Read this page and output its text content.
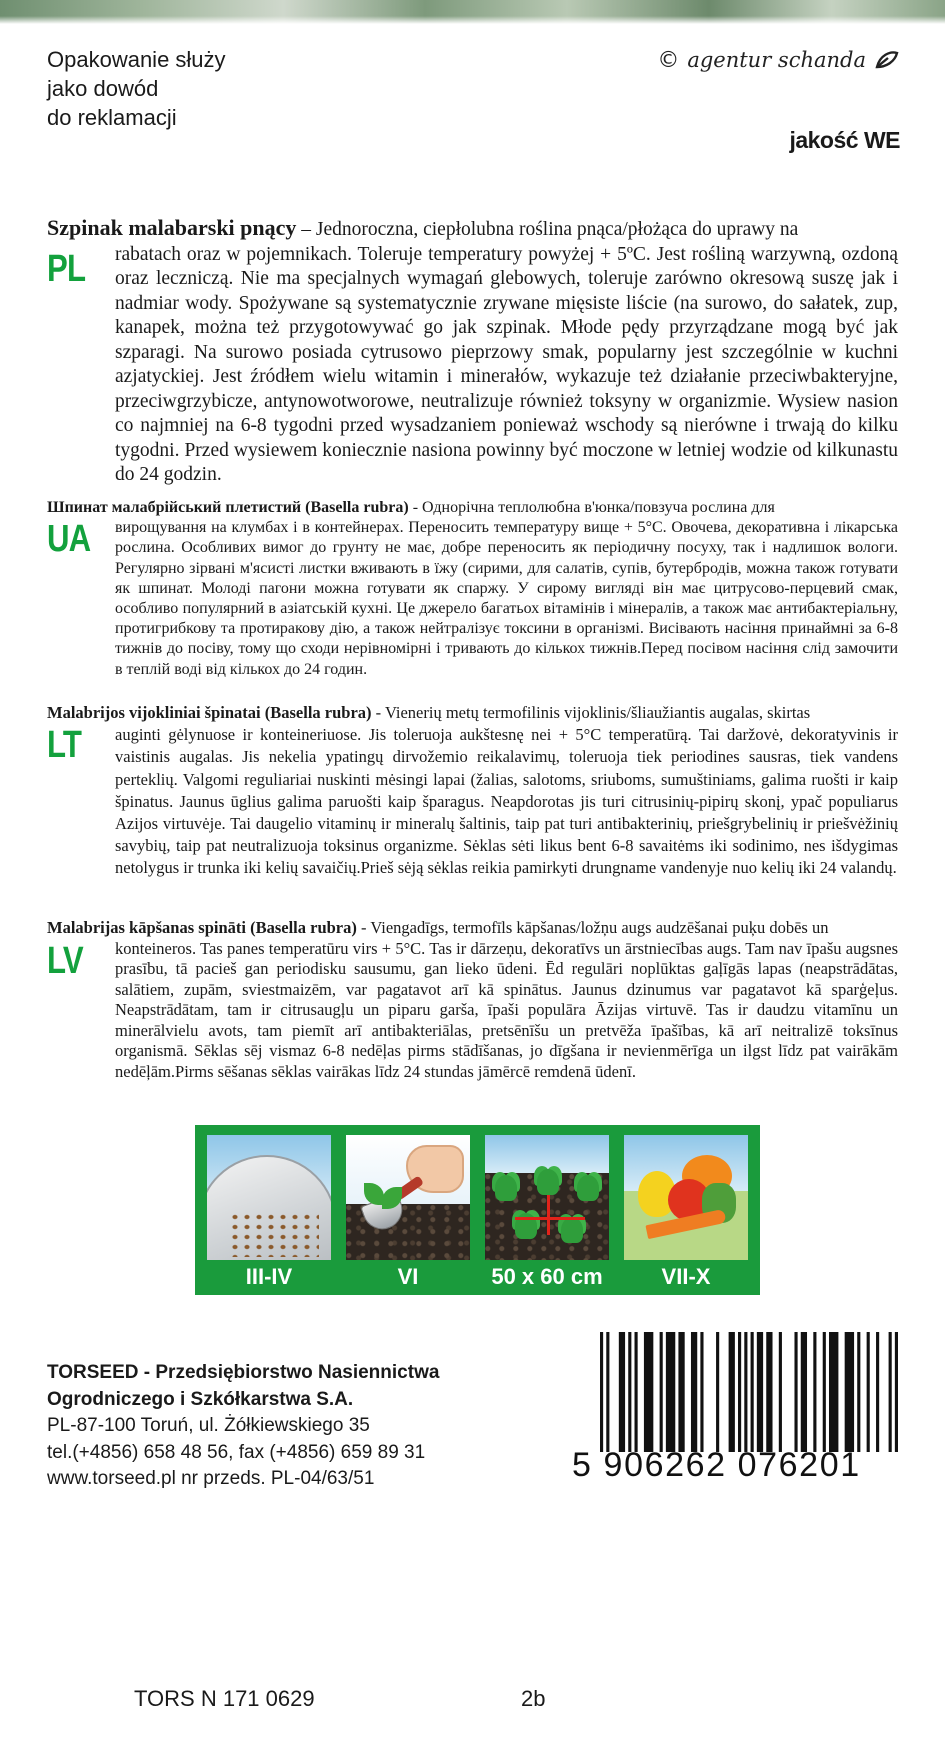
Opakowanie służy
jako dowód
do reklamacji
© agentur schanda
jakość WE
PL
Szpinak malabarski pnący – Jednoroczna, ciepłolubna roślina pnąca/płożąca do uprawy na
rabatach oraz w pojemnikach. Toleruje temperatury powyżej + 5ºC. Jest rośliną warzywną, ozdoną oraz leczniczą. Nie ma specjalnych wymagań glebowych, toleruje zarówno okresową suszę jak i nadmiar wody. Spożywane są systematycznie zrywane mięsiste liście (na surowo, do sałatek, zup, kanapek, można też przygotowywać go jak szpinak. Młode pędy przyrządzane mogą być jak szparagi. Na surowo posiada cytrusowo pieprzowy smak, popularny jest szczególnie w kuchni azjatyckiej. Jest źródłem wielu witamin i minerałów, wykazuje też działanie przeciwbakteryjne, przeciwgrzybicze, antynowotworowe, neutralizuje również toksyny w organizmie. Wysiew nasion co najmniej na 6-8 tygodni przed wysadzaniem ponieważ wschody są nierówne i trwają do kilku tygodni. Przed wysiewem koniecznie nasiona powinny być moczone w letniej wodzie od kilkunastu do 24 godzin.
UA
Шпинат малабрійський плетистий (Basella rubra) - Однорічна теплолюбна в'юнка/повзуча рослина для
вирощування на клумбах і в контейнерах. Переносить температуру вище + 5°C. Овочева, декоративна і лікарська рослина. Особливих вимог до грунту не має, добре переносить як періодичну посуху, так і надлишок вологи. Регулярно зірвані м'ясисті листки вживають в їжу (сирими, для салатів, супів, бутербродів, можна також готувати як шпинат. Молоді пагони можна готувати як спаржу. У сирому вигляді він має цитрусово-перцевий смак, особливо популярний в азіатській кухні. Це джерело багатьох вітамінів і мінералів, а також має антибактеріальну, протигрибкову та протиракову дію, а також нейтралізує токсини в організмі. Висівають насіння принаймні за 6-8 тижнів до посіву, тому що сходи нерівномірні і тривають до кількох тижнів.Перед посівом насіння слід замочити в теплій воді від кількох до 24 годин.
LT
Malabrijos vijokliniai špinatai (Basella rubra) - Vienerių metų termofilinis vijoklinis/šliaužiantis augalas, skirtas
auginti gėlynuose ir konteineriuose. Jis toleruoja aukštesnę nei + 5°C temperatūrą. Tai daržovė, dekoratyvinis ir vaistinis augalas. Jis nekelia ypatingų dirvožemio reikalavimų, toleruoja tiek periodines sausras, tiek vandens perteklių. Valgomi reguliariai nuskinti mėsingi lapai (žalias, salotoms, sriuboms, sumuštiniams, galima ruošti ir kaip špinatus. Jaunus ūglius galima paruošti kaip šparagus. Neapdorotas jis turi citrusinių-pipirų skonį, ypač populiarus Azijos virtuvėje. Tai daugelio vitaminų ir mineralų šaltinis, taip pat turi antibakterinių, priešgrybelinių ir priešvėžinių savybių, taip pat neutralizuoja toksinus organizme. Sėklas sėti likus bent 6-8 savaitėms iki sodinimo, nes išdygimas netolygus ir trunka iki kelių savaičių.Prieš sėją sėklas reikia pamirkyti drungname vandenyje nuo kelių iki 24 valandų.
LV
Malabrijas kāpšanas spināti (Basella rubra) - Viengadīgs, termofīls kāpšanas/ložņu augs audzēšanai puķu dobēs un
konteineros. Tas panes temperatūru virs + 5°C. Tas ir dārzeņu, dekoratīvs un ārstniecības augs. Tam nav īpašu augsnes prasību, tā pacieš gan periodisku sausumu, gan lieko ūdeni. Ēd regulāri noplūktas gaļīgās lapas (neapstrādātas, salātiem, zupām, sviestmaizēm, var pagatavot arī kā spinātus. Jaunus dzinumus var pagatavot kā sparģeļus. Neapstrādātam, tam ir citrusaugļu un piparu garša, īpaši populāra Āzijas virtuvē. Tas ir daudzu vitamīnu un minerālvielu avots, tam piemīt arī antibakteriālas, pretsēnīšu un pretvēža īpašības, kā arī neitralizē toksīnus organismā. Sēklas sēj vismaz 6-8 nedēļas pirms stādīšanas, jo dīgšana ir nevienmērīga un ilgst līdz pat vairākām nedēļām.Pirms sēšanas sēklas vairākas līdz 24 stundas jāmērcē remdenā ūdenī.
III-IV	VI	50 x 60 cm	VII-X
TORSEED - Przedsiębiorstwo Nasiennictwa
Ogrodniczego i Szkółkarstwa S.A.
PL-87-100 Toruń, ul. Żółkiewskiego 35
tel.(+4856) 658 48 56, fax (+4856) 659 89 31
www.torseed.pl nr przeds. PL-04/63/51	5 906262 076201
TORS N 171 0629	2b
